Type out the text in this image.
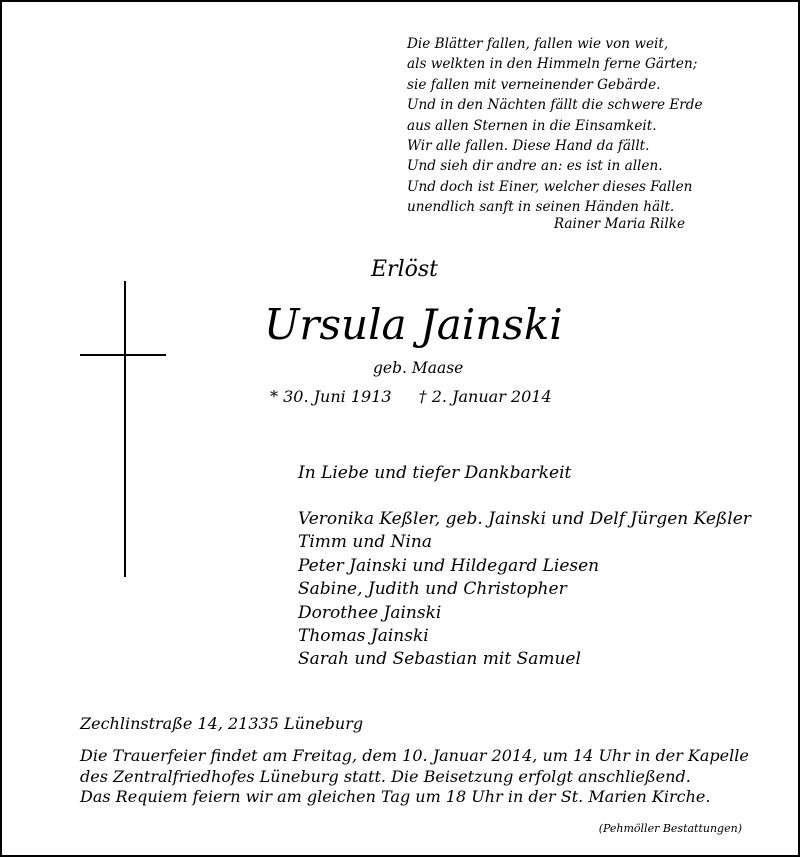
Die Blätter fallen, fallen wie von weit,
als welkten in den Himmeln ferne Gärten;
sie fallen mit verneinender Gebärde.
Und in den Nächten fällt die schwere Erde
aus allen Sternen in die Einsamkeit.
Wir alle fallen. Diese Hand da fällt.
Und sieh dir andre an: es ist in allen.
Und doch ist Einer, welcher dieses Fallen
unendlich sanft in seinen Händen hält.
Rainer Maria Rilke
Erlöst
Ursula Jainski
geb. Maase
* 30. Juni 1913 † 2. Januar 2014
In Liebe und tiefer Dankbarkeit
Veronika Keßler, geb. Jainski und Delf Jürgen Keßler
Timm und Nina
Peter Jainski und Hildegard Liesen
Sabine, Judith und Christopher
Dorothee Jainski
Thomas Jainski
Sarah und Sebastian mit Samuel
Zechlinstraße 14, 21335 Lüneburg
Die Trauerfeier findet am Freitag, dem 10. Januar 2014, um 14 Uhr in der Kapelle
des Zentralfriedhofes Lüneburg statt. Die Beisetzung erfolgt anschließend.
Das Requiem feiern wir am gleichen Tag um 18 Uhr in der St. Marien Kirche.
(Pehmöller Bestattungen)
